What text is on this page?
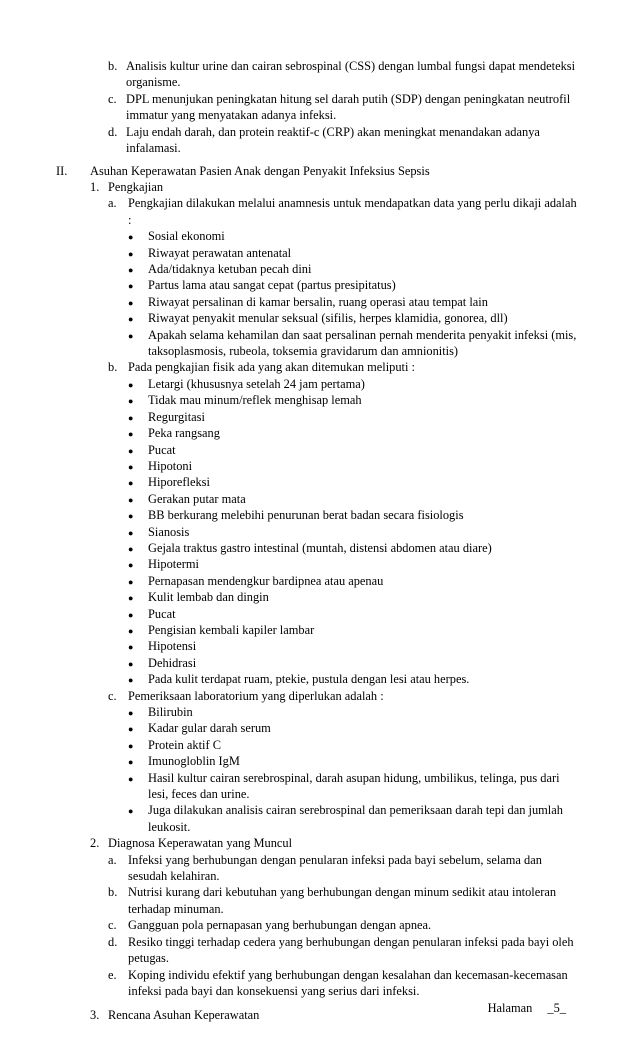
b. Analisis kultur urine dan cairan sebrospinal (CSS) dengan lumbal fungsi dapat mendeteksi organisme.
c. DPL menunjukan peningkatan hitung sel darah putih (SDP) dengan peningkatan neutrofil immatur yang menyatakan adanya infeksi.
d. Laju endah darah, dan protein reaktif-c (CRP) akan meningkat menandakan adanya infalamasi.
II. Asuhan Keperawatan Pasien Anak dengan Penyakit Infeksius Sepsis
1. Pengkajian
a. Pengkajian dilakukan melalui anamnesis untuk mendapatkan data yang perlu dikaji adalah :
● Sosial ekonomi
● Riwayat perawatan antenatal
● Ada/tidaknya ketuban pecah dini
● Partus lama atau sangat cepat (partus presipitatus)
● Riwayat persalinan di kamar bersalin, ruang operasi atau tempat lain
● Riwayat penyakit menular seksual (sifilis, herpes klamidia, gonorea, dll)
● Apakah selama kehamilan dan saat persalinan pernah menderita penyakit infeksi (mis, taksoplasmosis, rubeola, toksemia gravidarum dan amnionitis)
b. Pada pengkajian fisik ada yang akan ditemukan meliputi :
● Letargi (khususnya setelah 24 jam pertama)
● Tidak mau minum/reflek menghisap lemah
● Regurgitasi
● Peka rangsang
● Pucat
● Hipotoni
● Hiporefleksi
● Gerakan putar mata
● BB berkurang melebihi penurunan berat badan secara fisiologis
● Sianosis
● Gejala traktus gastro intestinal (muntah, distensi abdomen atau diare)
● Hipotermi
● Pernapasan mendengkur bardipnea atau apenau
● Kulit lembab dan dingin
● Pucat
● Pengisian kembali kapiler lambar
● Hipotensi
● Dehidrasi
● Pada kulit terdapat ruam, ptekie, pustula dengan lesi atau herpes.
c. Pemeriksaan laboratorium yang diperlukan adalah :
● Bilirubin
● Kadar gular darah serum
● Protein aktif C
● Imunogloblin IgM
● Hasil kultur cairan serebrospinal, darah asupan hidung, umbilikus, telinga, pus dari lesi, feces dan urine.
● Juga dilakukan analisis cairan serebrospinal dan pemeriksaan darah tepi dan jumlah leukosit.
2. Diagnosa Keperawatan yang Muncul
a. Infeksi yang berhubungan dengan penularan infeksi pada bayi sebelum, selama dan sesudah kelahiran.
b. Nutrisi kurang dari kebutuhan yang berhubungan dengan minum sedikit atau intoleran terhadap minuman.
c. Gangguan pola pernapasan yang berhubungan dengan apnea.
d. Resiko tinggi terhadap cedera yang berhubungan dengan penularan infeksi pada bayi oleh petugas.
e. Koping individu efektif yang berhubungan dengan kesalahan dan kecemasan-kecemasan infeksi pada bayi dan konsekuensi yang serius dari infeksi.
3. Rencana Asuhan Keperawatan
Halaman _5_
